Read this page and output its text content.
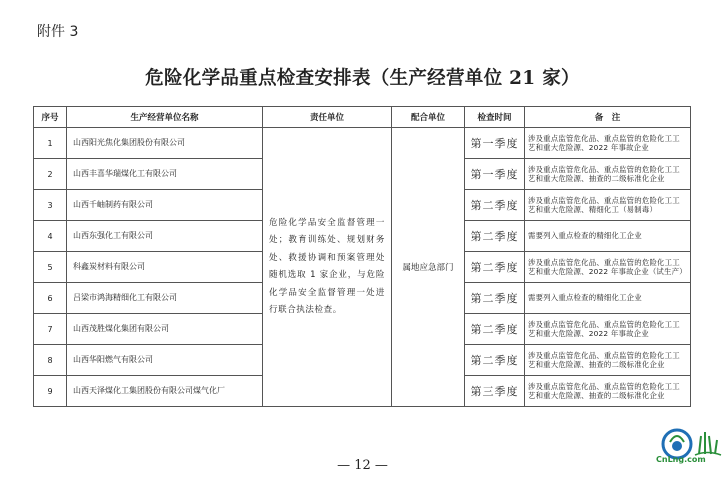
附件 3
危险化学品重点检查安排表（生产经营单位 21 家）
序号	生产经营单位名称	责任单位	配合单位	检查时间	备　注
1	山西阳光焦化集团股份有限公司	危险化学品安全监督管理一处；教育训练处、规划财务处、救援协调和预案管理处随机选取 1 家企业，与危险化学品安全监督管理一处进行联合执法检查。	属地应急部门	第一季度	涉及重点监管危化品、重点监管的危险化工工艺和重大危险源、2022 年事故企业
2	山西丰喜华瑞煤化工有限公司			第一季度	涉及重点监管危化品、重点监管的危险化工工艺和重大危险源、抽查的二级标准化企业
3	山西千岫制药有限公司			第二季度	涉及重点监管危化品、重点监管的危险化工工艺和重大危险源、精细化工（易制毒）
4	山西东强化工有限公司			第二季度	需要列入重点检查的精细化工企业
5	科鑫炭材料有限公司			第二季度	涉及重点监管危化品、重点监管的危险化工工艺和重大危险源、2022 年事故企业（试生产）
6	吕梁市鸿海精细化工有限公司			第二季度	需要列入重点检查的精细化工企业
7	山西茂胜煤化集团有限公司			第二季度	涉及重点监管危化品、重点监管的危险化工工艺和重大危险源、2022 年事故企业
8	山西华阳燃气有限公司			第二季度	涉及重点监管危化品、重点监管的危险化工工艺和重大危险源、抽查的二级标准化企业
9	山西天泽煤化工集团股份有限公司煤气化厂			第三季度	涉及重点监管危化品、重点监管的危险化工工艺和重大危险源、抽查的二级标准化企业
— 12 —	CnLng.com
